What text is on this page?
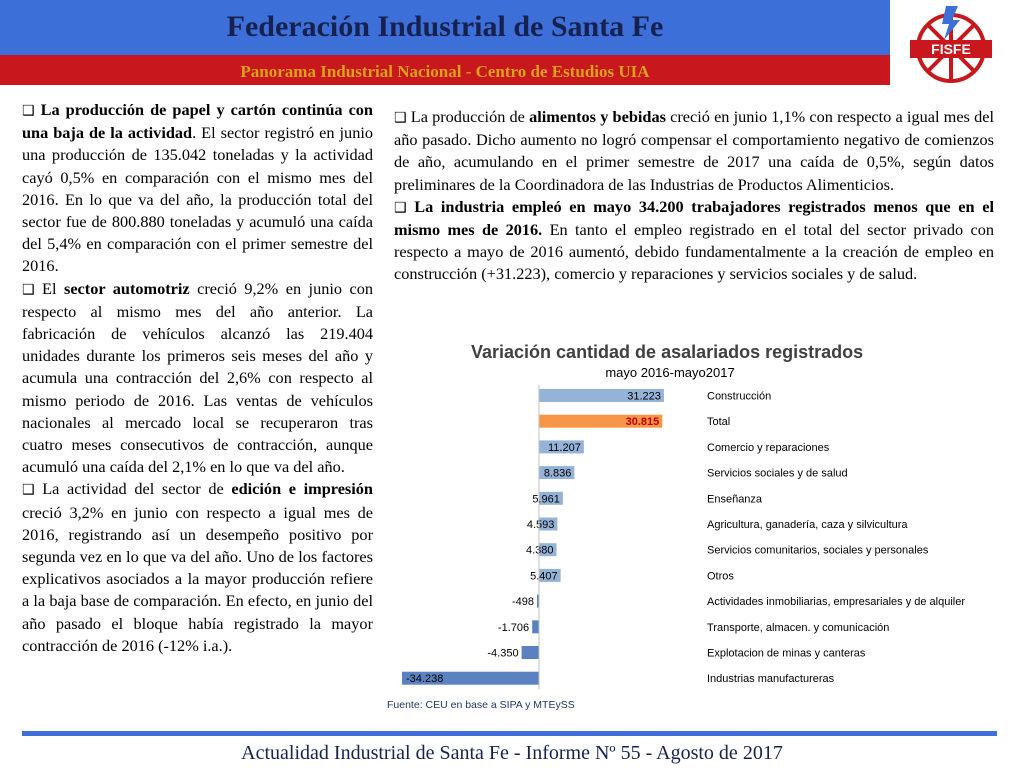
Federación Industrial de Santa Fe
Panorama Industrial Nacional - Centro de Estudios UIA
FISFE

❑ La producción de papel y cartón continúa con una baja de la actividad. El sector registró en junio una producción de 135.042 toneladas y la actividad cayó 0,5% en comparación con el mismo mes del 2016. En lo que va del año, la producción total del sector fue de 800.880 toneladas y acumuló una caída del 5,4% en comparación con el primer semestre del 2016.

❑ El sector automotriz creció 9,2% en junio con respecto al mismo mes del año anterior. La fabricación de vehículos alcanzó las 219.404 unidades durante los primeros seis meses del año y acumula una contracción del 2,6% con respecto al mismo periodo de 2016. Las ventas de vehículos nacionales al mercado local se recuperaron tras cuatro meses consecutivos de contracción, aunque acumuló una caída del 2,1% en lo que va del año.

❑ La actividad del sector de edición e impresión creció 3,2% en junio con respecto a igual mes de 2016, registrando así un desempeño positivo por segunda vez en lo que va del año. Uno de los factores explicativos asociados a la mayor producción refiere a la baja base de comparación. En efecto, en junio del año pasado el bloque había registrado la mayor contracción de 2016 (-12% i.a.).

❑ La producción de alimentos y bebidas creció en junio 1,1% con respecto a igual mes del año pasado. Dicho aumento no logró compensar el comportamiento negativo de comienzos de año, acumulando en el primer semestre de 2017 una caída de 0,5%, según datos preliminares de la Coordinadora de las Industrias de Productos Alimenticios.

❑ La industria empleó en mayo 34.200 trabajadores registrados menos que en el mismo mes de 2016. En tanto el empleo registrado en el total del sector privado con respecto a mayo de 2016 aumentó, debido fundamentalmente a la creación de empleo en construcción (+31.223), comercio y reparaciones y servicios sociales y de salud.

Variación cantidad de asalariados registrados
mayo 2016-mayo2017
31.223	Construcción
30.815	Total
11.207	Comercio y reparaciones
8.836	Servicios sociales y de salud
5.961	Enseñanza
4.593	Agricultura, ganadería, caza y silvicultura
4.380	Servicios comunitarios, sociales y personales
5.407	Otros
-498	Actividades inmobiliarias, empresariales y de alquiler
-1.706	Transporte, almacen. y comunicación
-4.350	Explotacion de minas y canteras
-34.238	Industrias manufactureras
Fuente: CEU en base a SIPA y MTEySS
Actualidad Industrial de Santa Fe - Informe Nº 55 - Agosto de 2017
